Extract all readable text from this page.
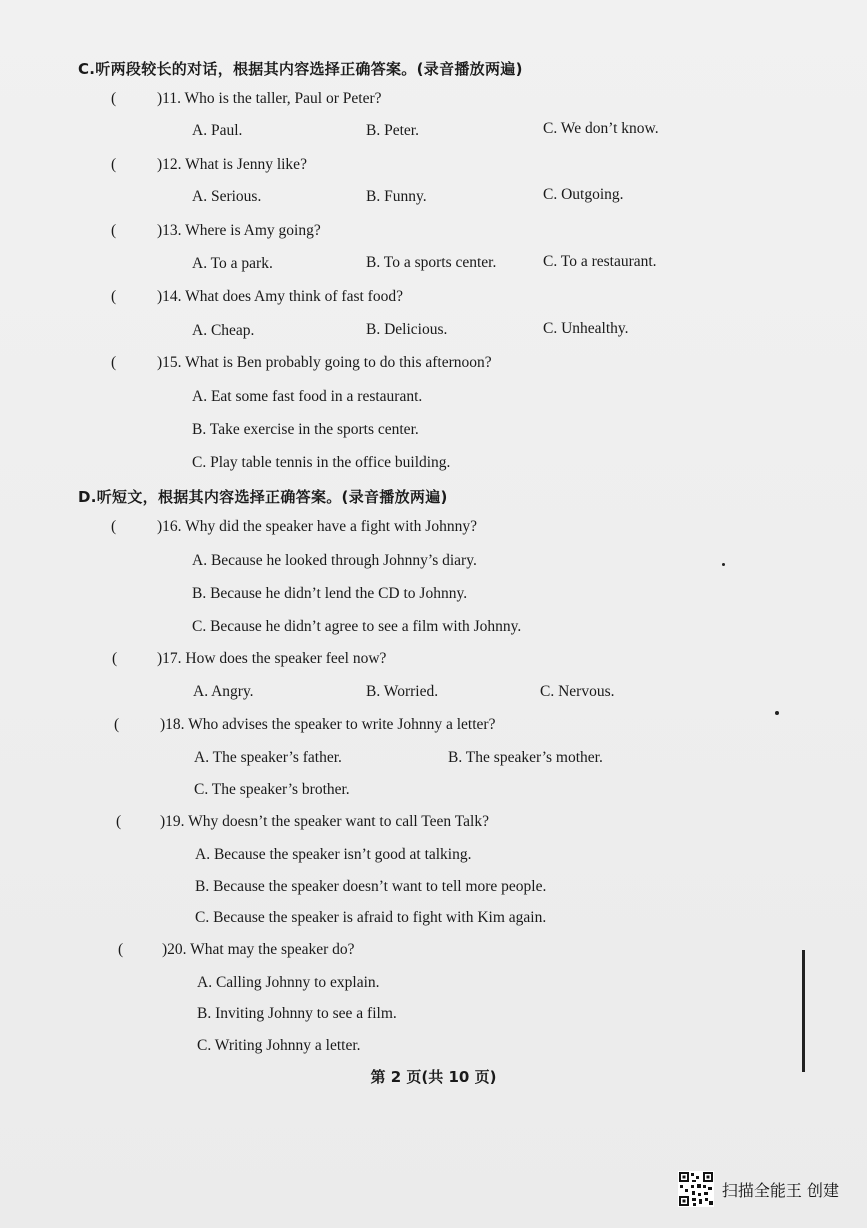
C.听两段较长的对话，根据其内容选择正确答案。(录音播放两遍)
(	)11. Who is the taller, Paul or Peter?
A. Paul.	B. Peter.	C. We don’t know.
(	)12. What is Jenny like?
A. Serious.	B. Funny.	C. Outgoing.
(	)13. Where is Amy going?
A. To a park.	B. To a sports center.	C. To a restaurant.
(	)14. What does Amy think of fast food?
A. Cheap.	B. Delicious.	C. Unhealthy.
(	)15. What is Ben probably going to do this afternoon?
A. Eat some fast food in a restaurant.
B. Take exercise in the sports center.
C. Play table tennis in the office building.
D.听短文，根据其内容选择正确答案。(录音播放两遍)
(	)16. Why did the speaker have a fight with Johnny?
A. Because he looked through Johnny’s diary.
B. Because he didn’t lend the CD to Johnny.
C. Because he didn’t agree to see a film with Johnny.
(	)17. How does the speaker feel now?
A. Angry.	B. Worried.	C. Nervous.
(	)18. Who advises the speaker to write Johnny a letter?
A. The speaker’s father.	B. The speaker’s mother.
C. The speaker’s brother.
(	)19. Why doesn’t the speaker want to call Teen Talk?
A. Because the speaker isn’t good at talking.
B. Because the speaker doesn’t want to tell more people.
C. Because the speaker is afraid to fight with Kim again.
(	)20. What may the speaker do?
A. Calling Johnny to explain.
B. Inviting Johnny to see a film.
C. Writing Johnny a letter.
第 2 页(共 10 页)
扫描全能王 创建
